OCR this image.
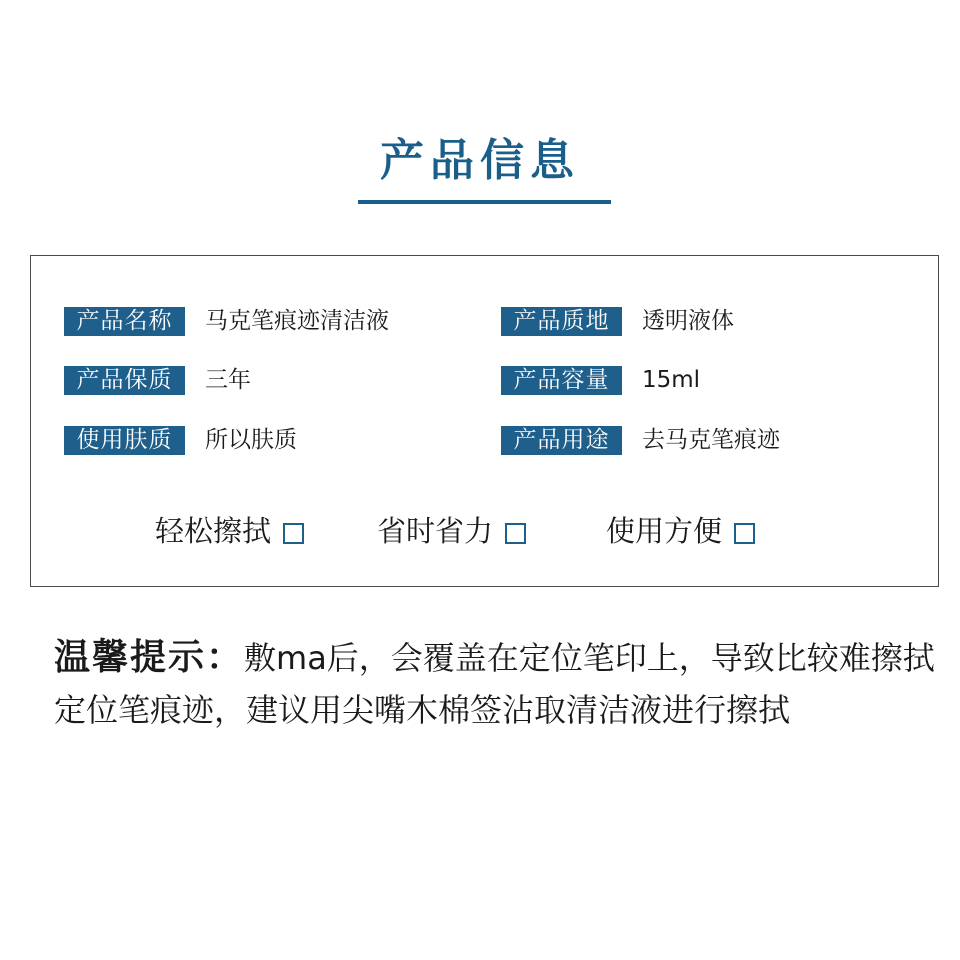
产品信息
产品名称	马克笔痕迹清洁液
产品保质	三年
使用肤质	所以肤质
产品质地	透明液体
产品容量	15ml
产品用途	去马克笔痕迹
轻松擦拭	省时省力	使用方便
温馨提示：敷ma后，会覆盖在定位笔印上，导致比较难擦拭定位笔痕迹，建议用尖嘴木棉签沾取清洁液进行擦拭
